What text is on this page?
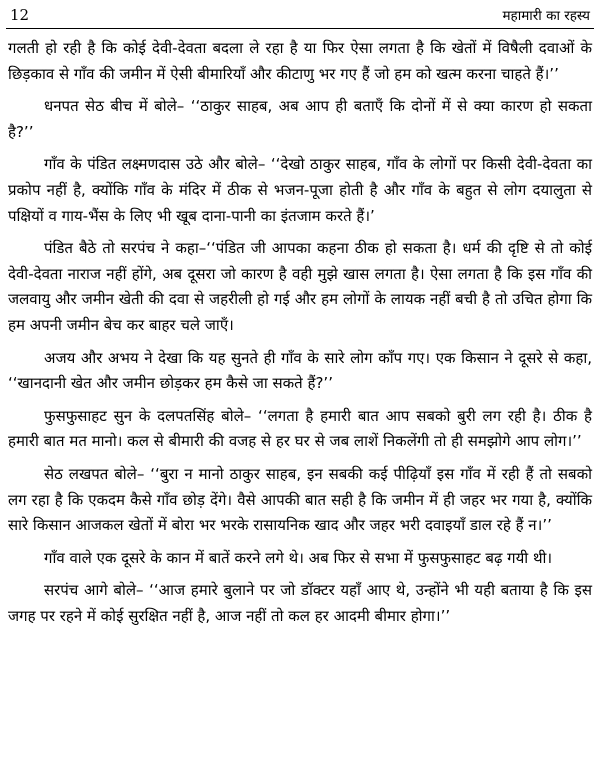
12	महामारी का रहस्य

गलती हो रही है कि कोई देवी-देवता बदला ले रहा है या फिर ऐसा लगता है कि खेतों में विषैली दवाओं के छिड़काव से गाँव की जमीन में ऐसी बीमारियाँ और कीटाणु भर गए हैं जो हम को खत्म करना चाहते हैं।’’

धनपत सेठ बीच में बोले– ‘‘ठाकुर साहब, अब आप ही बताएँ कि दोनों में से क्या कारण हो सकता है?’’

गाँव के पंडित लक्ष्मणदास उठे और बोले– ‘‘देखो ठाकुर साहब, गाँव के लोगों पर किसी देवी-देवता का प्रकोप नहीं है, क्योंकि गाँव के मंदिर में ठीक से भजन-पूजा होती है और गाँव के बहुत से लोग दयालुता से पक्षियों व गाय-भैंस के लिए भी खूब दाना-पानी का इंतजाम करते हैं।’

पंडित बैठे तो सरपंच ने कहा–‘‘पंडित जी आपका कहना ठीक हो सकता है। धर्म की दृष्टि से तो कोई देवी-देवता नाराज नहीं होंगे, अब दूसरा जो कारण है वही मुझे खास लगता है। ऐसा लगता है कि इस गाँव की जलवायु और जमीन खेती की दवा से जहरीली हो गई और हम लोगों के लायक नहीं बची है तो उचित होगा कि हम अपनी जमीन बेच कर बाहर चले जाएँ।

अजय और अभय ने देखा कि यह सुनते ही गाँव के सारे लोग काँप गए। एक किसान ने दूसरे से कहा, ‘‘खानदानी खेत और जमीन छोड़कर हम कैसे जा सकते हैं?’’

फुसफुसाहट सुन के दलपतसिंह बोले– ‘‘लगता है हमारी बात आप सबको बुरी लग रही है। ठीक है हमारी बात मत मानो। कल से बीमारी की वजह से हर घर से जब लाशें निकलेंगी तो ही समझोगे आप लोग।’’

सेठ लखपत बोले– ‘‘बुरा न मानो ठाकुर साहब, इन सबकी कई पीढ़ियाँ इस गाँव में रही हैं तो सबको लग रहा है कि एकदम कैसे गाँव छोड़ देंगे। वैसे आपकी बात सही है कि जमीन में ही जहर भर गया है, क्योंकि सारे किसान आजकल खेतों में बोरा भर भरके रासायनिक खाद और जहर भरी दवाइयाँ डाल रहे हैं न।’’

गाँव वाले एक दूसरे के कान में बातें करने लगे थे। अब फिर से सभा में फुसफुसाहट बढ़ गयी थी।

सरपंच आगे बोले– ‘‘आज हमारे बुलाने पर जो डॉक्टर यहाँ आए थे, उन्होंने भी यही बताया है कि इस जगह पर रहने में कोई सुरक्षित नहीं है, आज नहीं तो कल हर आदमी बीमार होगा।’’
